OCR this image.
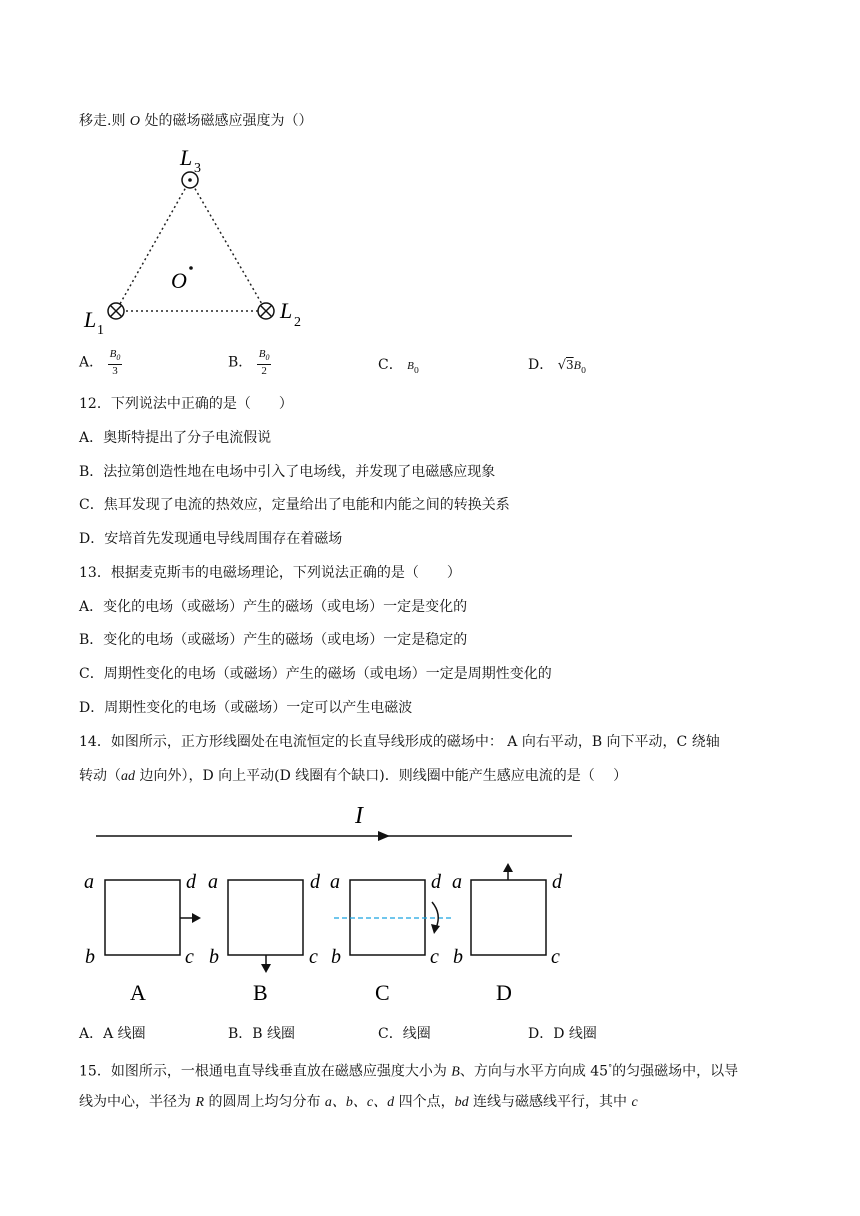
移走.则 O 处的磁场磁感应强度为（）
O
L 3
L 1
L 2
A． $\frac{B_0}{3}$	B． $\frac{B_0}{2}$	C． $B_0$	D． $√3B_0$
12．下列说法中正确的是（　　）
A．奥斯特提出了分子电流假说
B．法拉第创造性地在电场中引入了电场线，并发现了电磁感应现象
C．焦耳发现了电流的热效应，定量给出了电能和内能之间的转换关系
D．安培首先发现通电导线周围存在着磁场
13．根据麦克斯韦的电磁场理论，下列说法正确的是（　　）
A．变化的电场（或磁场）产生的磁场（或电场）一定是变化的
B．变化的电场（或磁场）产生的磁场（或电场）一定是稳定的
C．周期性变化的电场（或磁场）产生的磁场（或电场）一定是周期性变化的
D．周期性变化的电场（或磁场）一定可以产生电磁波
14．如图所示，正方形线圈处在电流恒定的长直导线形成的磁场中： A 向右平动，B 向下平动，C 绕轴
转动（ad 边向外），D 向上平动(D 线圈有个缺口)．则线圈中能产生感应电流的是（　 ）
I
a	d
b	c
A
a	d
b	c
B
a	d
b	c
C
a	d
b	c
D
A．A 线圈	B．B 线圈	C．线圈	D．D 线圈
15．如图所示，一根通电直导线垂直放在磁感应强度大小为 B、方向与水平方向成 45°的匀强磁场中，以导
线为中心，半径为 R 的圆周上均匀分布 a、b、c、d 四个点，bd 连线与磁感线平行，其中 c
